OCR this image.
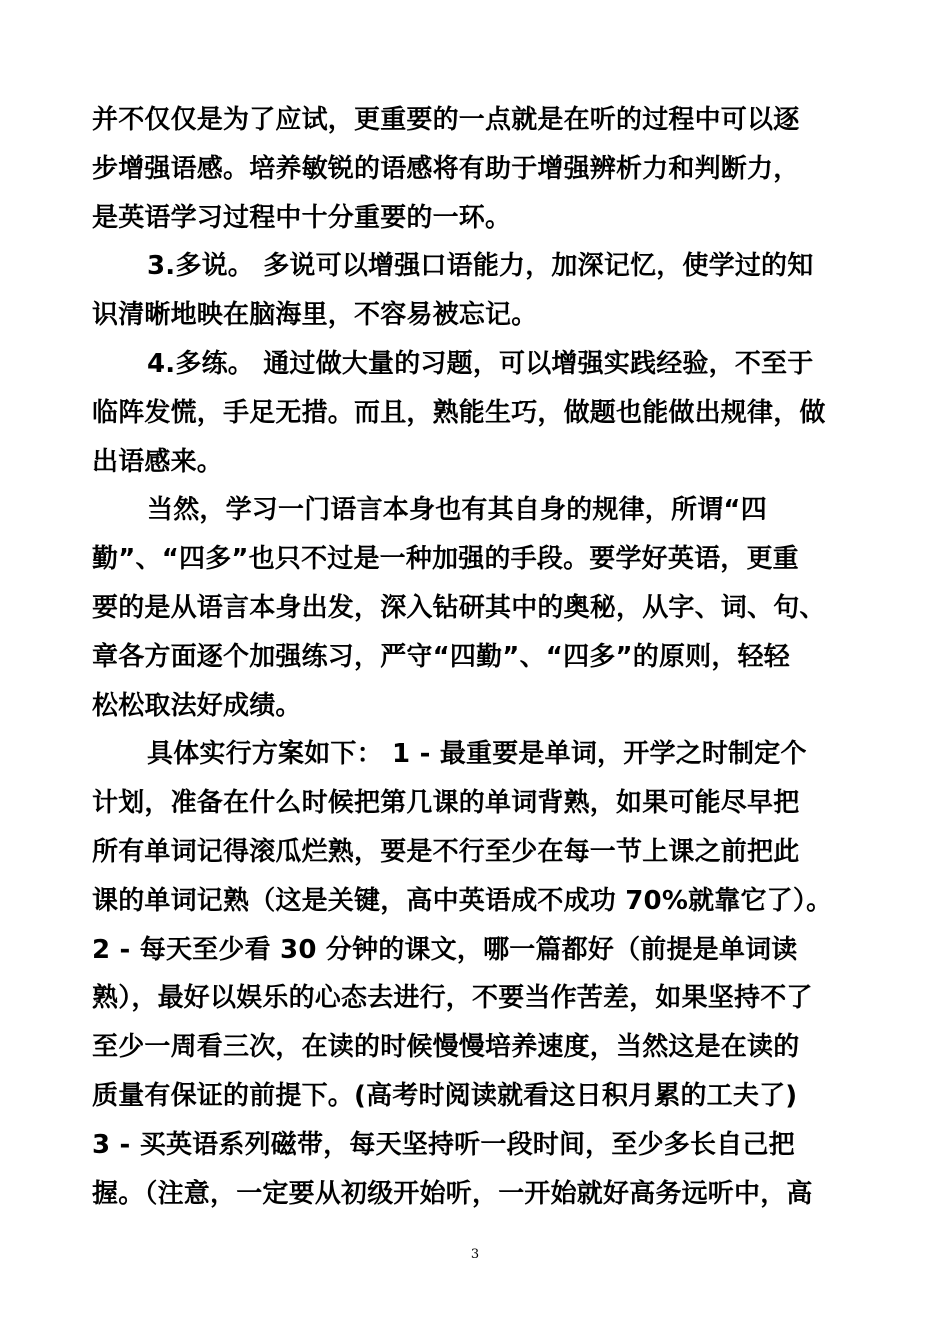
并不仅仅是为了应试，更重要的一点就是在听的过程中可以逐
步增强语感。培养敏锐的语感将有助于增强辨析力和判断力，
是英语学习过程中十分重要的一环。
3.多说。 多说可以增强口语能力，加深记忆，使学过的知
识清晰地映在脑海里，不容易被忘记。
4.多练。 通过做大量的习题，可以增强实践经验，不至于
临阵发慌，手足无措。而且，熟能生巧，做题也能做出规律，做
出语感来。
当然，学习一门语言本身也有其自身的规律，所谓“四
勤”、“四多”也只不过是一种加强的手段。要学好英语，更重
要的是从语言本身出发，深入钻研其中的奥秘，从字、词、句、
章各方面逐个加强练习，严守“四勤”、“四多”的原则，轻轻
松松取法好成绩。
具体实行方案如下： 1 - 最重要是单词，开学之时制定个
计划，准备在什么时候把第几课的单词背熟，如果可能尽早把
所有单词记得滚瓜烂熟，要是不行至少在每一节上课之前把此
课的单词记熟（这是关键，高中英语成不成功 70%就靠它了）。
2 - 每天至少看 30 分钟的课文，哪一篇都好（前提是单词读
熟），最好以娱乐的心态去进行，不要当作苦差，如果坚持不了
至少一周看三次，在读的时候慢慢培养速度，当然这是在读的
质量有保证的前提下。(高考时阅读就看这日积月累的工夫了)
3 - 买英语系列磁带，每天坚持听一段时间，至少多长自己把
握。（注意，一定要从初级开始听，一开始就好高务远听中，高
3
